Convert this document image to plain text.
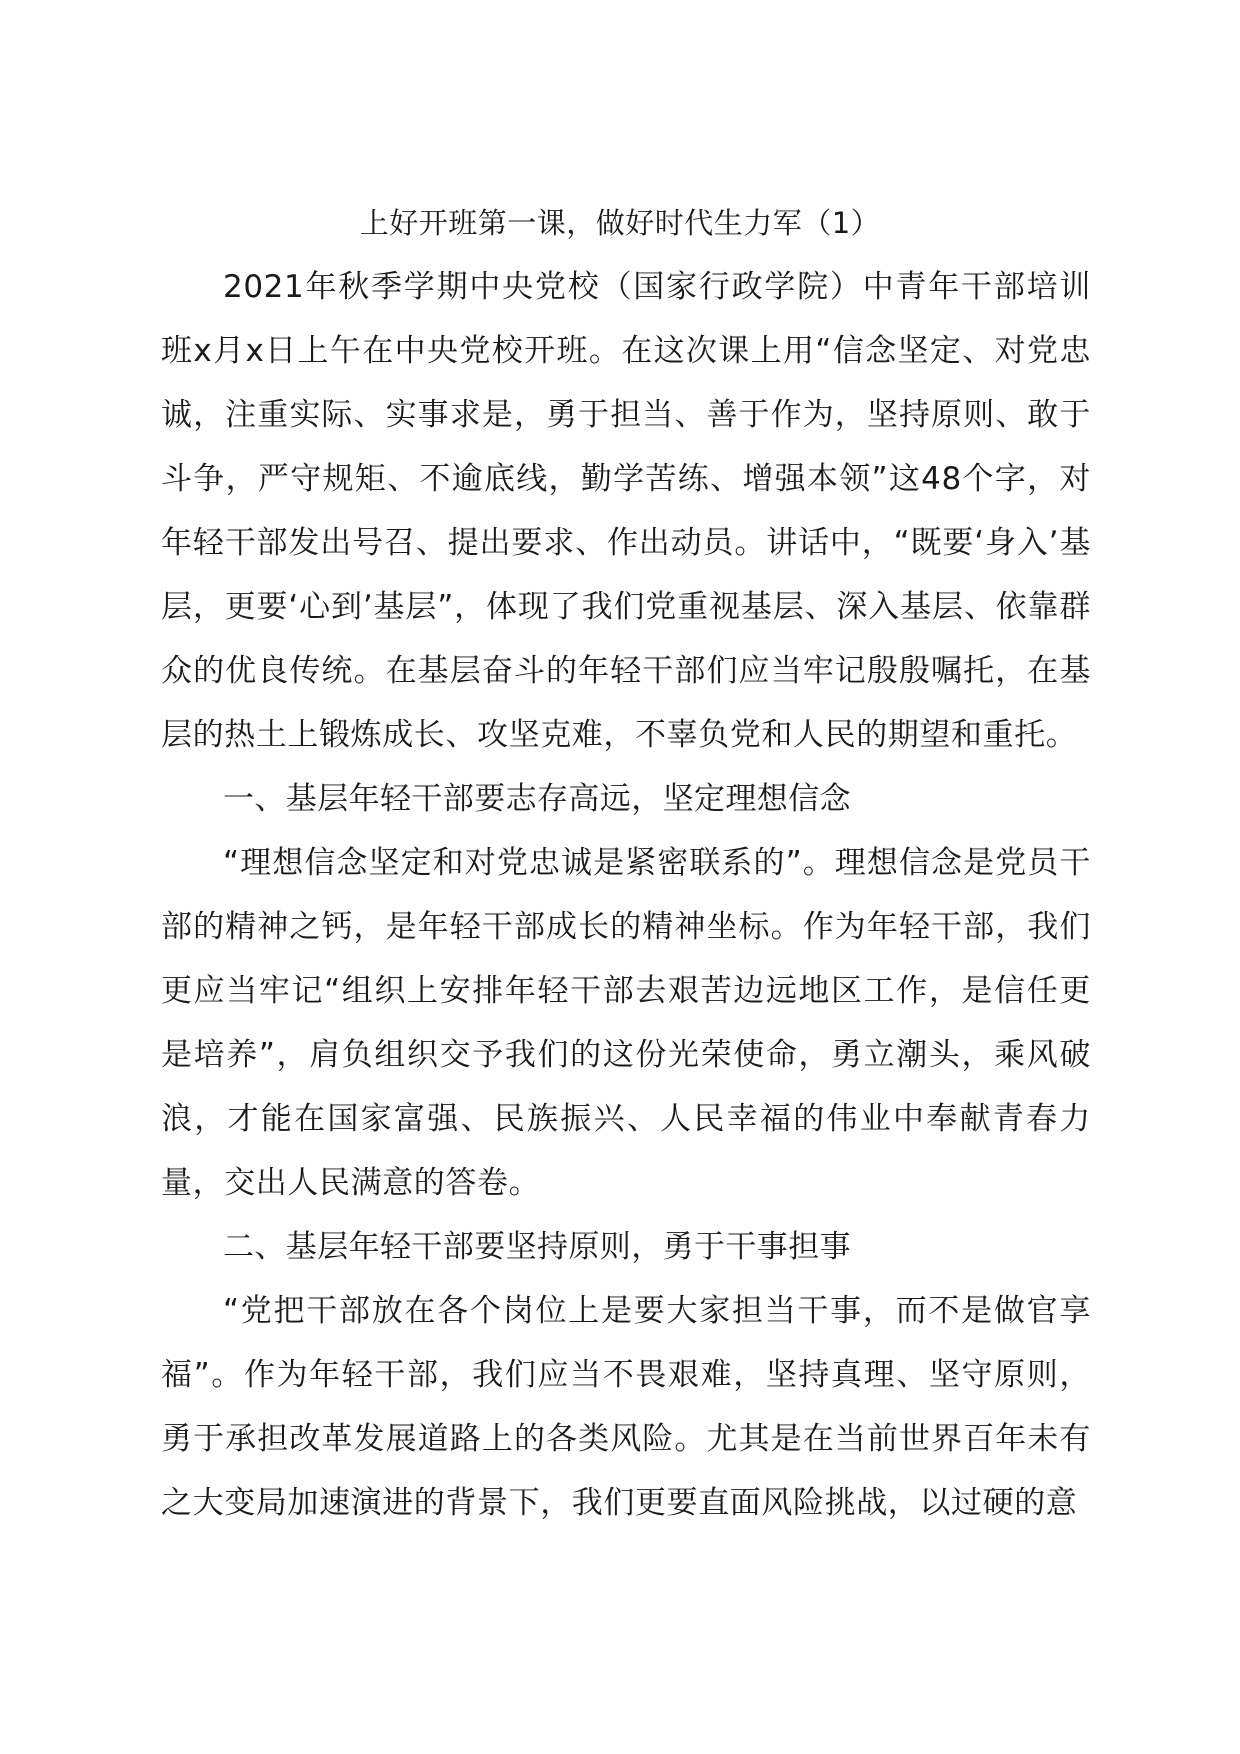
上好开班第一课，做好时代生力军（1）

2021年秋季学期中央党校（国家行政学院）中青年干部培训班x月x日上午在中央党校开班。在这次课上用“信念坚定、对党忠诚，注重实际、实事求是，勇于担当、善于作为，坚持原则、敢于斗争，严守规矩、不逾底线，勤学苦练、增强本领”这48个字，对年轻干部发出号召、提出要求、作出动员。讲话中，“既要‘身入’基层，更要‘心到’基层”，体现了我们党重视基层、深入基层、依靠群众的优良传统。在基层奋斗的年轻干部们应当牢记殷殷嘱托，在基层的热土上锻炼成长、攻坚克难，不辜负党和人民的期望和重托。

一、基层年轻干部要志存高远，坚定理想信念

“理想信念坚定和对党忠诚是紧密联系的”。理想信念是党员干部的精神之钙，是年轻干部成长的精神坐标。作为年轻干部，我们更应当牢记“组织上安排年轻干部去艰苦边远地区工作，是信任更是培养”，肩负组织交予我们的这份光荣使命，勇立潮头，乘风破浪，才能在国家富强、民族振兴、人民幸福的伟业中奉献青春力量，交出人民满意的答卷。

二、基层年轻干部要坚持原则，勇于干事担事

“党把干部放在各个岗位上是要大家担当干事，而不是做官享福”。作为年轻干部，我们应当不畏艰难，坚持真理、坚守原则，勇于承担改革发展道路上的各类风险。尤其是在当前世界百年未有之大变局加速演进的背景下，我们更要直面风险挑战，以过硬的意
